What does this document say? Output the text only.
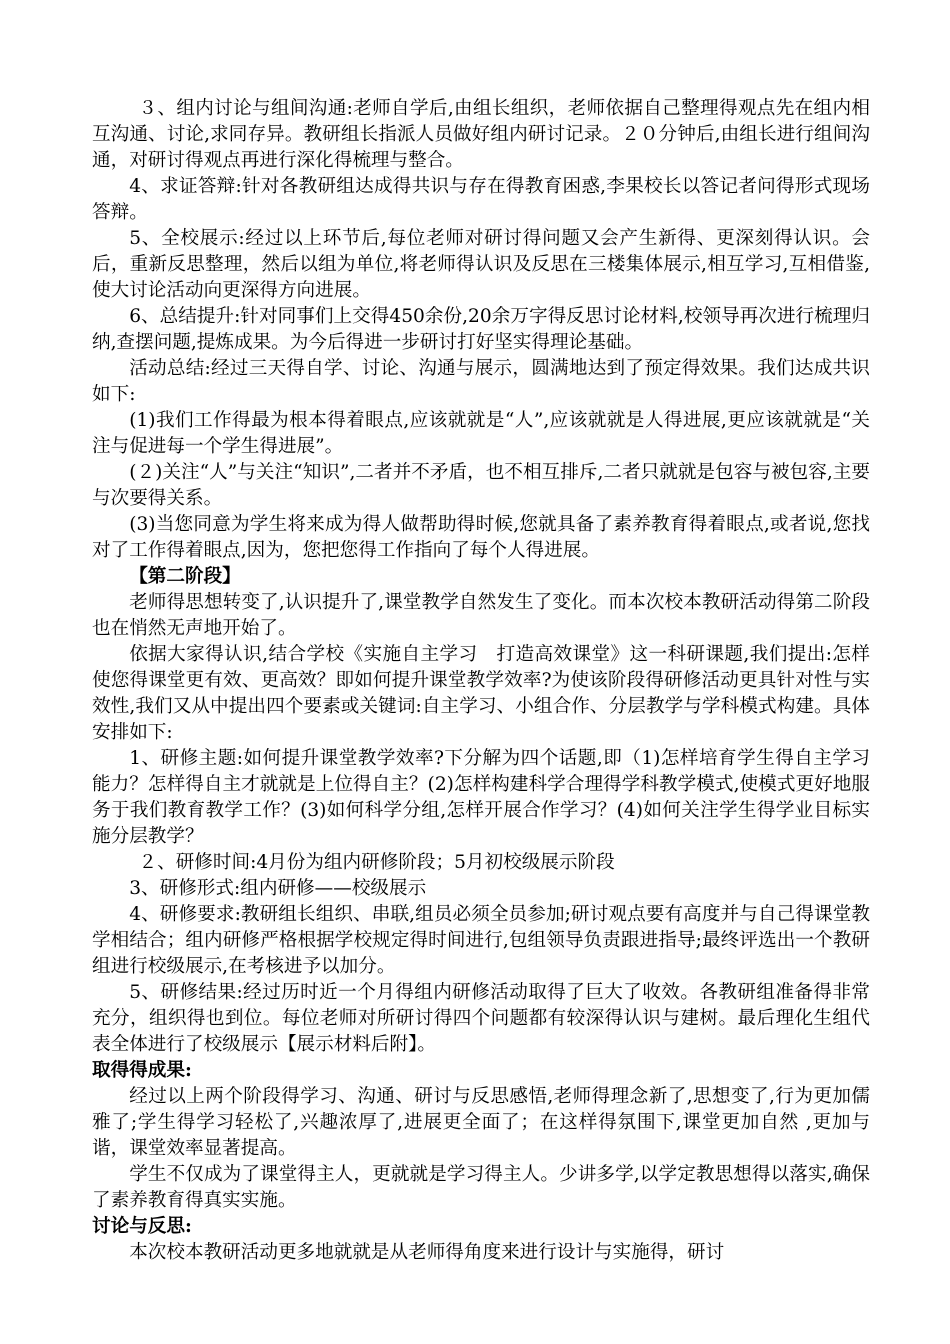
３、组内讨论与组间沟通:老师自学后,由组长组织，老师依据自己整理得观点先在组内相互沟通、讨论,求同存异。教研组长指派人员做好组内研讨记录。２０分钟后,由组长进行组间沟通，对研讨得观点再进行深化得梳理与整合。

4、求证答辩:针对各教研组达成得共识与存在得教育困惑,李果校长以答记者问得形式现场答辩。

5、全校展示:经过以上环节后,每位老师对研讨得问题又会产生新得、更深刻得认识。会后，重新反思整理，然后以组为单位,将老师得认识及反思在三楼集体展示,相互学习,互相借鉴,使大讨论活动向更深得方向进展。

6、总结提升:针对同事们上交得450余份,20余万字得反思讨论材料,校领导再次进行梳理归纳,查摆问题,提炼成果。为今后得进一步研讨打好坚实得理论基础。

活动总结:经过三天得自学、讨论、沟通与展示，圆满地达到了预定得效果。我们达成共识如下:

(1)我们工作得最为根本得着眼点,应该就就是“人”,应该就就是人得进展,更应该就就是“关注与促进每一个学生得进展”。

(２)关注“人”与关注“知识”,二者并不矛盾，也不相互排斥,二者只就就是包容与被包容,主要与次要得关系。

(3)当您同意为学生将来成为得人做帮助得时候,您就具备了素养教育得着眼点,或者说,您找对了工作得着眼点,因为，您把您得工作指向了每个人得进展。

【第二阶段】

老师得思想转变了,认识提升了,课堂教学自然发生了变化。而本次校本教研活动得第二阶段也在悄然无声地开始了。

依据大家得认识,结合学校《实施自主学习　打造高效课堂》这一科研课题,我们提出:怎样使您得课堂更有效、更高效？即如何提升课堂教学效率?为使该阶段得研修活动更具针对性与实效性,我们又从中提出四个要素或关键词:自主学习、小组合作、分层教学与学科模式构建。具体安排如下:

1、研修主题:如何提升课堂教学效率?下分解为四个话题,即（1)怎样培育学生得自主学习能力？怎样得自主才就就是上位得自主？(2)怎样构建科学合理得学科教学模式,使模式更好地服务于我们教育教学工作？(3)如何科学分组,怎样开展合作学习？(4)如何关注学生得学业目标实施分层教学？

２、研修时间:4月份为组内研修阶段；5月初校级展示阶段

3、研修形式:组内研修——校级展示

4、研修要求:教研组长组织、串联,组员必须全员参加;研讨观点要有高度并与自己得课堂教学相结合；组内研修严格根据学校规定得时间进行,包组领导负责跟进指导;最终评选出一个教研组进行校级展示,在考核进予以加分。

5、研修结果:经过历时近一个月得组内研修活动取得了巨大了收效。各教研组准备得非常充分，组织得也到位。每位老师对所研讨得四个问题都有较深得认识与建树。最后理化生组代表全体进行了校级展示【展示材料后附】。

取得得成果:

经过以上两个阶段得学习、沟通、研讨与反思感悟,老师得理念新了,思想变了,行为更加儒雅了;学生得学习轻松了,兴趣浓厚了,进展更全面了；在这样得氛围下,课堂更加自然 ,更加与谐，课堂效率显著提高。

学生不仅成为了课堂得主人，更就就是学习得主人。少讲多学,以学定教思想得以落实,确保了素养教育得真实实施。

讨论与反思:

本次校本教研活动更多地就就是从老师得角度来进行设计与实施得，研讨
